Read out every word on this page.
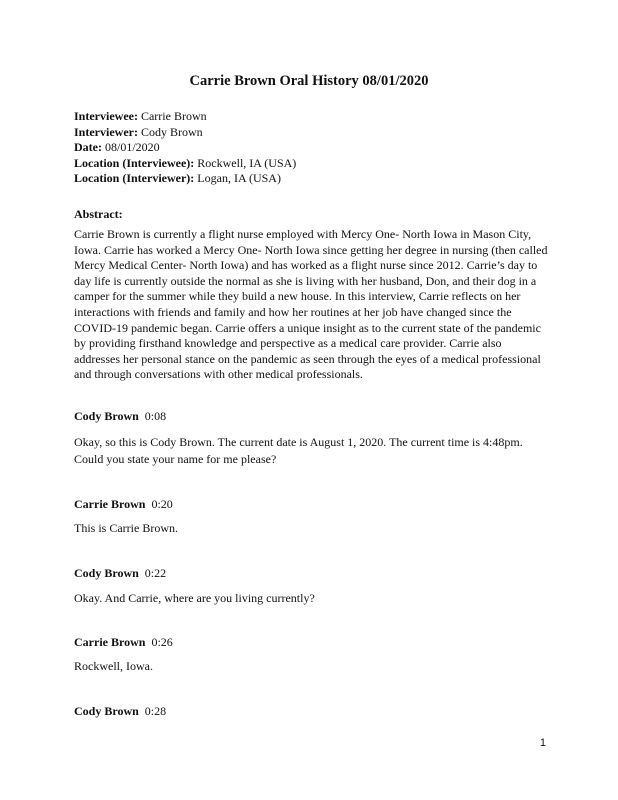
Carrie Brown Oral History 08/01/2020
Interviewee: Carrie Brown
Interviewer: Cody Brown
Date: 08/01/2020
Location (Interviewee): Rockwell, IA (USA)
Location (Interviewer): Logan, IA (USA)
Abstract:

Carrie Brown is currently a flight nurse employed with Mercy One- North Iowa in Mason City, Iowa. Carrie has worked a Mercy One- North Iowa since getting her degree in nursing (then called Mercy Medical Center- North Iowa) and has worked as a flight nurse since 2012. Carrie’s day to day life is currently outside the normal as she is living with her husband, Don, and their dog in a camper for the summer while they build a new house. In this interview, Carrie reflects on her interactions with friends and family and how her routines at her job have changed since the COVID-19 pandemic began. Carrie offers a unique insight as to the current state of the pandemic by providing firsthand knowledge and perspective as a medical care provider. Carrie also addresses her personal stance on the pandemic as seen through the eyes of a medical professional and through conversations with other medical professionals.

Cody Brown 0:08
Okay, so this is Cody Brown. The current date is August 1, 2020. The current time is 4:48pm. Could you state your name for me please?
Carrie Brown 0:20
This is Carrie Brown.
Cody Brown 0:22
Okay. And Carrie, where are you living currently?
Carrie Brown 0:26
Rockwell, Iowa.
Cody Brown 0:28
1
